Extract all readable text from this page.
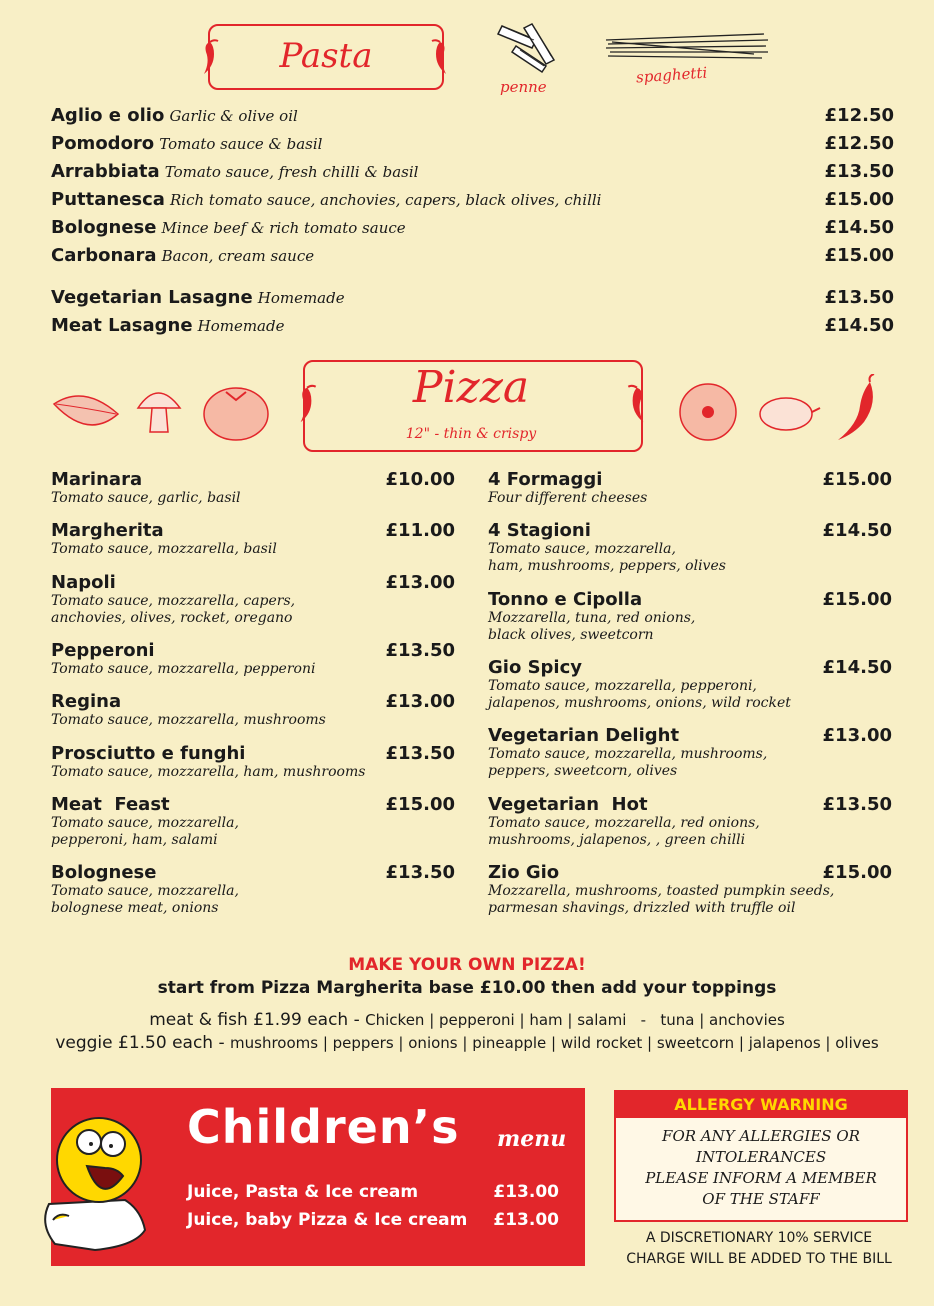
Pasta
penne
spaghetti
Aglio e olio Garlic & olive oil	£12.50
Pomodoro Tomato sauce & basil	£12.50
Arrabbiata Tomato sauce, fresh chilli & basil	£13.50
Puttanesca Rich tomato sauce, anchovies, capers, black olives, chilli	£15.00
Bolognese Mince beef & rich tomato sauce	£14.50
Carbonara Bacon, cream sauce	£15.00
Vegetarian Lasagne Homemade	£13.50
Meat Lasagne Homemade	£14.50
Pizza
12" - thin & crispy
Marinara	£10.00
Tomato sauce, garlic, basil
Margherita	£11.00
Tomato sauce, mozzarella, basil
Napoli	£13.00
Tomato sauce, mozzarella, capers,
anchovies, olives, rocket, oregano
Pepperoni	£13.50
Tomato sauce, mozzarella, pepperoni
Regina	£13.00
Tomato sauce, mozzarella, mushrooms
Prosciutto e funghi	£13.50
Tomato sauce, mozzarella, ham, mushrooms
Meat  Feast	£15.00
Tomato sauce, mozzarella,
pepperoni, ham, salami
Bolognese	£13.50
Tomato sauce, mozzarella,
bolognese meat, onions
4 Formaggi	£15.00
Four different cheeses
4 Stagioni	£14.50
Tomato sauce, mozzarella,
ham, mushrooms, peppers, olives
Tonno e Cipolla	£15.00
Mozzarella, tuna, red onions,
black olives, sweetcorn
Gio Spicy	£14.50
Tomato sauce, mozzarella, pepperoni,
jalapenos, mushrooms, onions, wild rocket
Vegetarian Delight	£13.00
Tomato sauce, mozzarella, mushrooms,
peppers, sweetcorn, olives
Vegetarian  Hot	£13.50
Tomato sauce, mozzarella, red onions,
mushrooms, jalapenos, , green chilli
Zio Gio	£15.00
Mozzarella, mushrooms, toasted pumpkin seeds,
parmesan shavings, drizzled with truffle oil
MAKE YOUR OWN PIZZA!
start from Pizza Margherita base £10.00 then add your toppings
meat & fish £1.99 each - Chicken | pepperoni | ham | salami   -   tuna | anchovies
veggie £1.50 each - mushrooms | peppers | onions | pineapple | wild rocket | sweetcorn | jalapenos | olives
Children’s menu
Juice, Pasta & Ice cream	£13.00
Juice, baby Pizza & Ice cream £13.00
ALLERGY WARNING
FOR ANY ALLERGIES OR
INTOLERANCES
PLEASE INFORM A MEMBER
OF THE STAFF
A DISCRETIONARY 10% SERVICE
CHARGE WILL BE ADDED TO THE BILL
